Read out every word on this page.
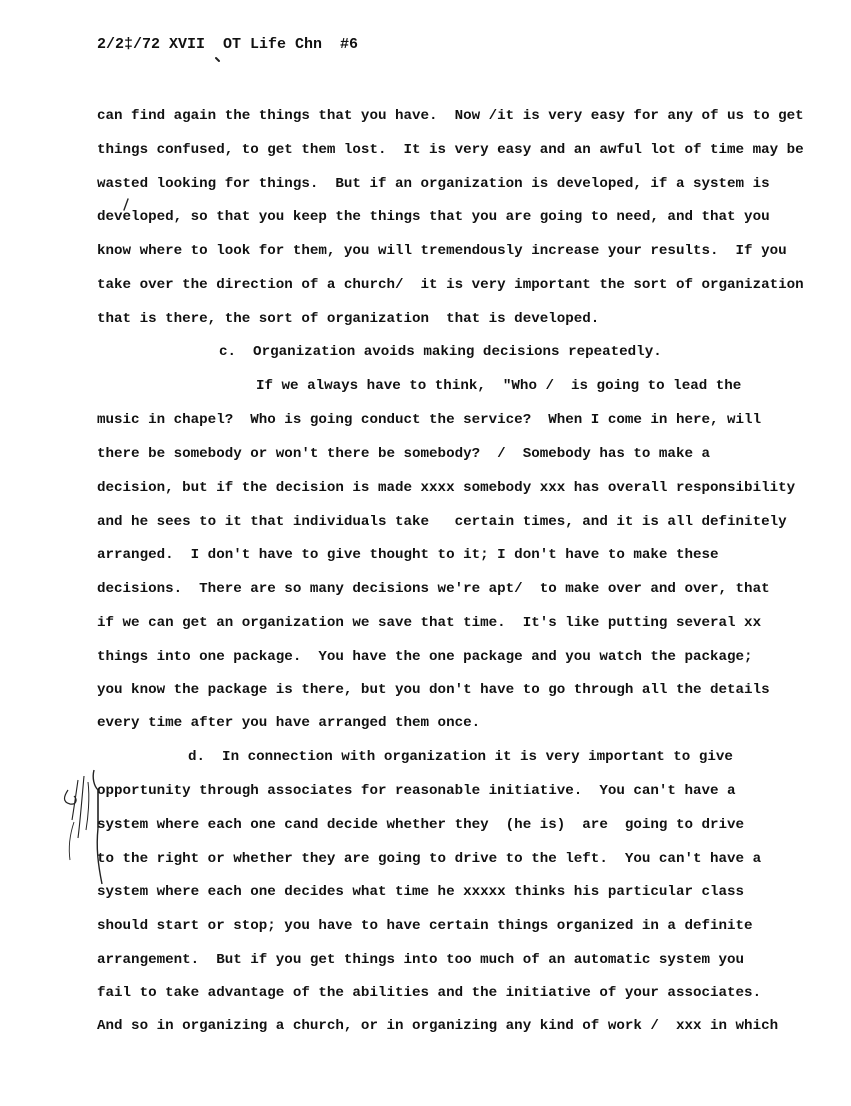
2/2‡/72 XVII  OT Life Chn  #6
can find again the things that you have.  Now /it is very easy for any of us to get
things confused, to get them lost.  It is very easy and an awful lot of time may be
wasted looking for things.  But if an organization is developed, if a system is
developed, so that you keep the things that you are going to need, and that you
know where to look for them, you will tremendously increase your results.  If you
take over the direction of a church/  it is very important the sort of organization
that is there, the sort of organization  that is developed.
c.  Organization avoids making decisions repeatedly.
If we always have to think,  "Who /  is going to lead the
music in chapel?  Who is going conduct the service?  When I come in here, will
there be somebody or won't there be somebody?  /  Somebody has to make a
decision, but if the decision is made xxxx somebody xxx has overall responsibility
and he sees to it that individuals take   certain times, and it is all definitely
arranged.  I don't have to give thought to it; I don't have to make these
decisions.  There are so many decisions we're apt/  to make over and over, that
if we can get an organization we save that time.  It's like putting several xx
things into one package.  You have the one package and you watch the package;
you know the package is there, but you don't have to go through all the details
every time after you have arranged them once.
d.  In connection with organization it is very important to give
opportunity through associates for reasonable initiative.  You can't have a
system where each one cand decide whether they  (he is)  are  going to drive
to the right or whether they are going to drive to the left.  You can't have a
system where each one decides what time he xxxxx thinks his particular class
should start or stop; you have to have certain things organized in a definite
arrangement.  But if you get things into too much of an automatic system you
fail to take advantage of the abilities and the initiative of your associates.
And so in organizing a church, or in organizing any kind of work /  xxx in which
